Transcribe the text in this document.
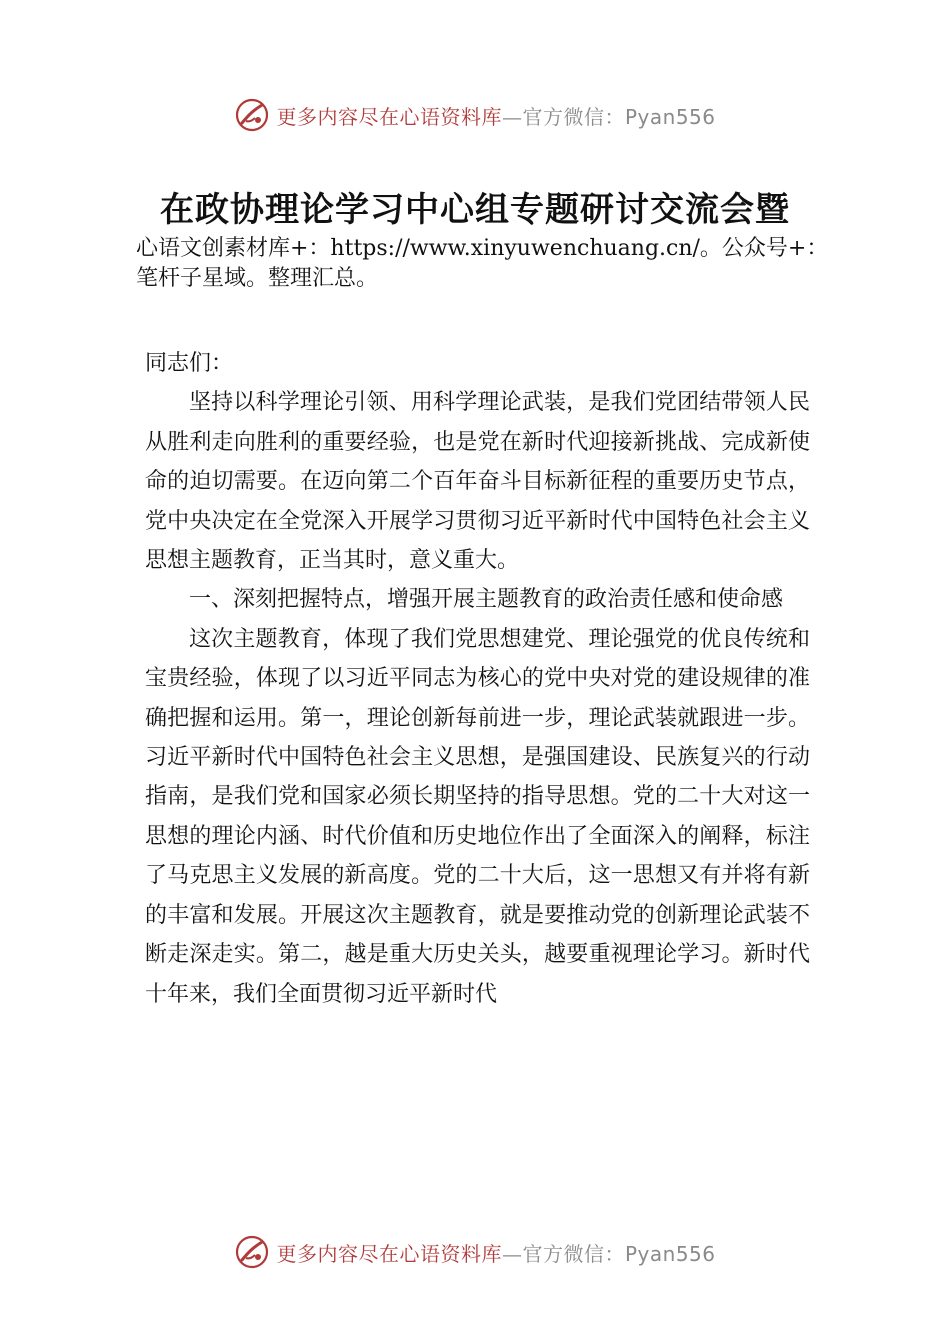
更多内容尽在心语资料库—官方微信：Pyan556
在政协理论学习中心组专题研讨交流会暨
心语文创素材库+：https://www.xinyuwenchuang.cn/。公众号+：笔杆子星域。整理汇总。

同志们：

坚持以科学理论引领、用科学理论武装，是我们党团结带领人民从胜利走向胜利的重要经验，也是党在新时代迎接新挑战、完成新使命的迫切需要。在迈向第二个百年奋斗目标新征程的重要历史节点，党中央决定在全党深入开展学习贯彻习近平新时代中国特色社会主义思想主题教育，正当其时，意义重大。

一、深刻把握特点，增强开展主题教育的政治责任感和使命感

这次主题教育，体现了我们党思想建党、理论强党的优良传统和宝贵经验，体现了以习近平同志为核心的党中央对党的建设规律的准确把握和运用。第一，理论创新每前进一步，理论武装就跟进一步。习近平新时代中国特色社会主义思想，是强国建设、民族复兴的行动指南，是我们党和国家必须长期坚持的指导思想。党的二十大对这一思想的理论内涵、时代价值和历史地位作出了全面深入的阐释，标注了马克思主义发展的新高度。党的二十大后，这一思想又有并将有新的丰富和发展。开展这次主题教育，就是要推动党的创新理论武装不断走深走实。第二，越是重大历史关头，越要重视理论学习。新时代十年来，我们全面贯彻习近平新时代

更多内容尽在心语资料库—官方微信：Pyan556
